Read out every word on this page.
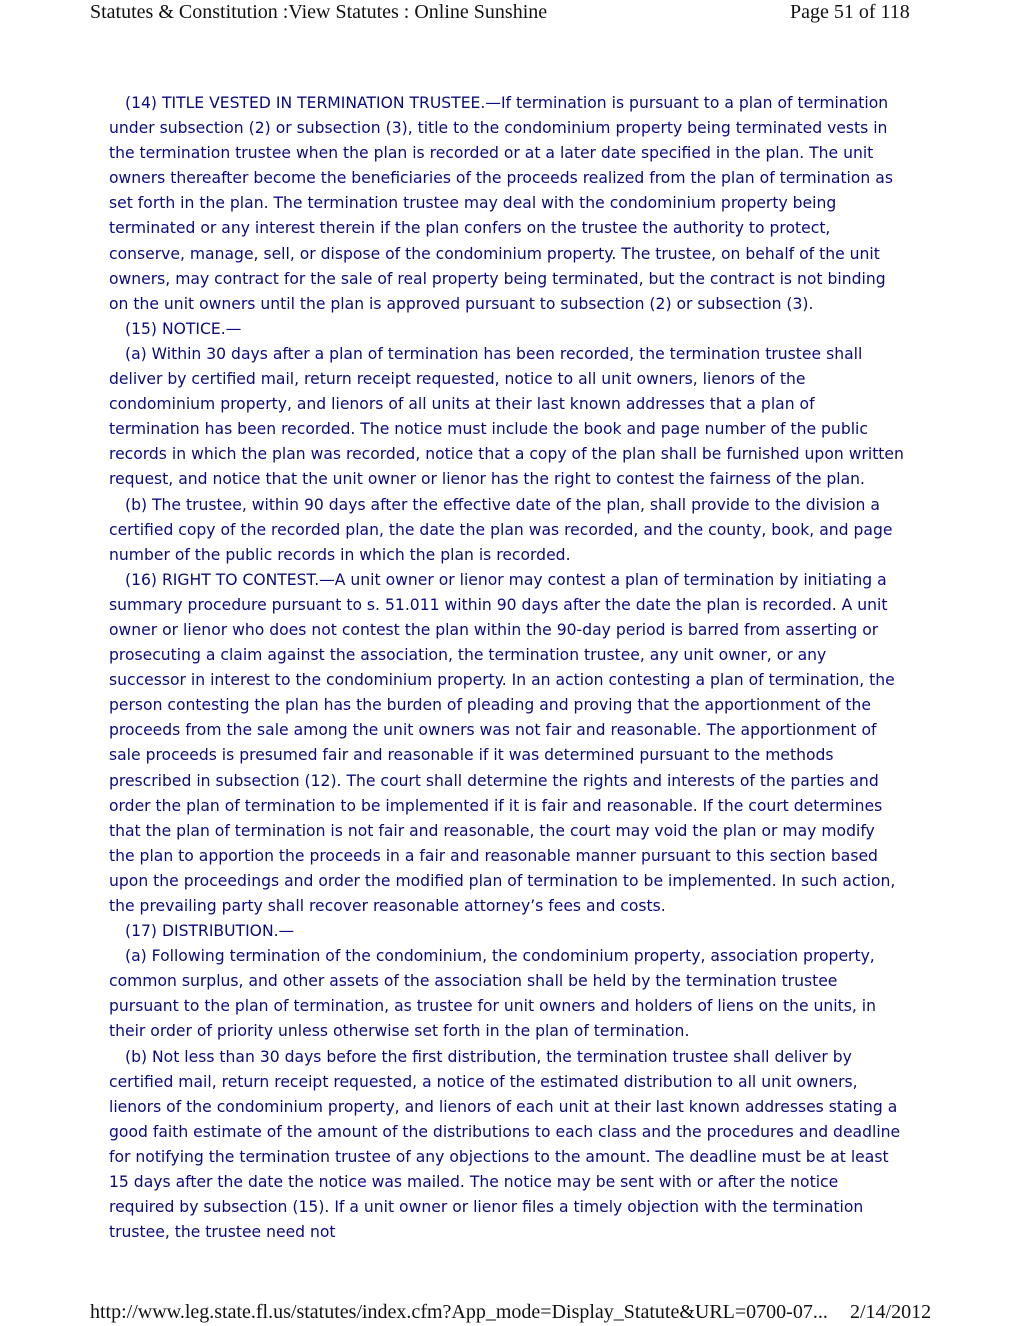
Statutes & Constitution :View Statutes : Online Sunshine	Page 51 of 118

(14) TITLE VESTED IN TERMINATION TRUSTEE.—If termination is pursuant to a plan of termination under subsection (2) or subsection (3), title to the condominium property being terminated vests in the termination trustee when the plan is recorded or at a later date specified in the plan. The unit owners thereafter become the beneficiaries of the proceeds realized from the plan of termination as set forth in the plan. The termination trustee may deal with the condominium property being terminated or any interest therein if the plan confers on the trustee the authority to protect, conserve, manage, sell, or dispose of the condominium property. The trustee, on behalf of the unit owners, may contract for the sale of real property being terminated, but the contract is not binding on the unit owners until the plan is approved pursuant to subsection (2) or subsection (3).

(15) NOTICE.—

(a) Within 30 days after a plan of termination has been recorded, the termination trustee shall deliver by certified mail, return receipt requested, notice to all unit owners, lienors of the condominium property, and lienors of all units at their last known addresses that a plan of termination has been recorded. The notice must include the book and page number of the public records in which the plan was recorded, notice that a copy of the plan shall be furnished upon written request, and notice that the unit owner or lienor has the right to contest the fairness of the plan.

(b) The trustee, within 90 days after the effective date of the plan, shall provide to the division a certified copy of the recorded plan, the date the plan was recorded, and the county, book, and page number of the public records in which the plan is recorded.

(16) RIGHT TO CONTEST.—A unit owner or lienor may contest a plan of termination by initiating a summary procedure pursuant to s. 51.011 within 90 days after the date the plan is recorded. A unit owner or lienor who does not contest the plan within the 90-day period is barred from asserting or prosecuting a claim against the association, the termination trustee, any unit owner, or any successor in interest to the condominium property. In an action contesting a plan of termination, the person contesting the plan has the burden of pleading and proving that the apportionment of the proceeds from the sale among the unit owners was not fair and reasonable. The apportionment of sale proceeds is presumed fair and reasonable if it was determined pursuant to the methods prescribed in subsection (12). The court shall determine the rights and interests of the parties and order the plan of termination to be implemented if it is fair and reasonable. If the court determines that the plan of termination is not fair and reasonable, the court may void the plan or may modify the plan to apportion the proceeds in a fair and reasonable manner pursuant to this section based upon the proceedings and order the modified plan of termination to be implemented. In such action, the prevailing party shall recover reasonable attorney’s fees and costs.

(17) DISTRIBUTION.—

(a) Following termination of the condominium, the condominium property, association property, common surplus, and other assets of the association shall be held by the termination trustee pursuant to the plan of termination, as trustee for unit owners and holders of liens on the units, in their order of priority unless otherwise set forth in the plan of termination.

(b) Not less than 30 days before the first distribution, the termination trustee shall deliver by certified mail, return receipt requested, a notice of the estimated distribution to all unit owners, lienors of the condominium property, and lienors of each unit at their last known addresses stating a good faith estimate of the amount of the distributions to each class and the procedures and deadline for notifying the termination trustee of any objections to the amount. The deadline must be at least 15 days after the date the notice was mailed. The notice may be sent with or after the notice required by subsection (15). If a unit owner or lienor files a timely objection with the termination trustee, the trustee need not

http://www.leg.state.fl.us/statutes/index.cfm?App_mode=Display_Statute&URL=0700-07... 2/14/2012
